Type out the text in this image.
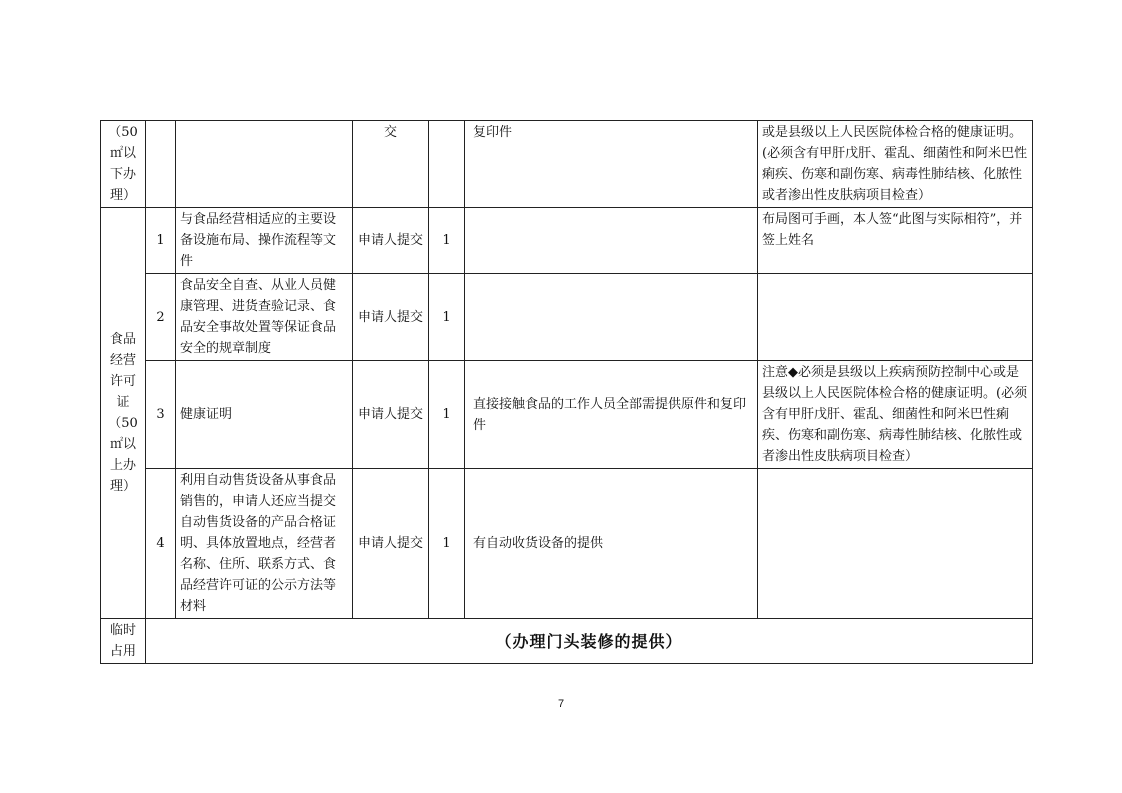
（50 ㎡以下办理）			交		复印件	或是县级以上人民医院体检合格的健康证明。(必须含有甲肝戊肝、霍乱、细菌性和阿米巴性痢疾、伤寒和副伤寒、病毒性肺结核、化脓性或者渗出性皮肤病项目检查）
食品经营许可证（50 ㎡以上办理）	1	与食品经营相适应的主要设备设施布局、操作流程等文件	申请人提交	1		布局图可手画，本人签“此图与实际相符”，并签上姓名
	2	食品安全自查、从业人员健康管理、进货查验记录、食品安全事故处置等保证食品安全的规章制度	申请人提交	1		
	3	健康证明	申请人提交	1	直接接触食品的工作人员全部需提供原件和复印件	注意◆必须是县级以上疾病预防控制中心或是县级以上人民医院体检合格的健康证明。(必须含有甲肝戊肝、霍乱、细菌性和阿米巴性痢疾、伤寒和副伤寒、病毒性肺结核、化脓性或者渗出性皮肤病项目检查）
	4	利用自动售货设备从事食品销售的，申请人还应当提交自动售货设备的产品合格证明、具体放置地点，经营者名称、住所、联系方式、食品经营许可证的公示方法等材料	申请人提交	1	有自动收货设备的提供	
临时占用	（办理门头装修的提供）					
7
